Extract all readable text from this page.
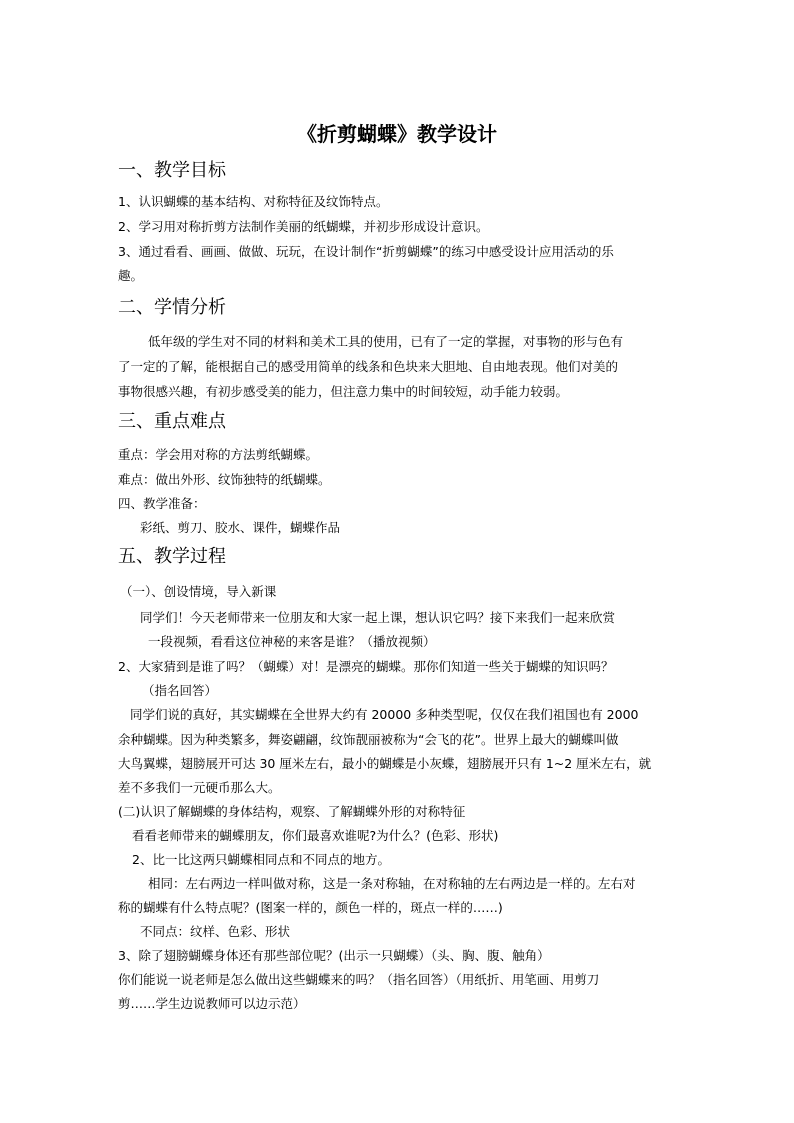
《折剪蝴蝶》教学设计
一、教学目标
1、认识蝴蝶的基本结构、对称特征及纹饰特点。
2、学习用对称折剪方法制作美丽的纸蝴蝶，并初步形成设计意识。
3、通过看看、画画、做做、玩玩，在设计制作“折剪蝴蝶”的练习中感受设计应用活动的乐
趣。
二、学情分析
低年级的学生对不同的材料和美术工具的使用，已有了一定的掌握，对事物的形与色有
了一定的了解，能根据自己的感受用简单的线条和色块来大胆地、自由地表现。他们对美的
事物很感兴趣，有初步感受美的能力，但注意力集中的时间较短，动手能力较弱。
三、重点难点
重点：学会用对称的方法剪纸蝴蝶。
难点：做出外形、纹饰独特的纸蝴蝶。
四、教学准备：
彩纸、剪刀、胶水、课件，蝴蝶作品
五、教学过程
（一）、创设情境，导入新课
同学们！今天老师带来一位朋友和大家一起上课，想认识它吗？接下来我们一起来欣赏
一段视频，看看这位神秘的来客是谁？（播放视频）
2、大家猜到是谁了吗？（蝴蝶）对！是漂亮的蝴蝶。那你们知道一些关于蝴蝶的知识吗？
（指名回答）
同学们说的真好，其实蝴蝶在全世界大约有 20000 多种类型呢，仅仅在我们祖国也有 2000
余种蝴蝶。因为种类繁多，舞姿翩翩，纹饰靓丽被称为“会飞的花”。世界上最大的蝴蝶叫做
大鸟翼蝶，翅膀展开可达 30 厘米左右，最小的蝴蝶是小灰蝶，翅膀展开只有 1~2 厘米左右，就
差不多我们一元硬币那么大。
(二)认识了解蝴蝶的身体结构，观察、了解蝴蝶外形的对称特征
看看老师带来的蝴蝶朋友，你们最喜欢谁呢?为什么？(色彩、形状)
2、比一比这两只蝴蝶相同点和不同点的地方。
相同：左右两边一样叫做对称，这是一条对称轴，在对称轴的左右两边是一样的。左右对
称的蝴蝶有什么特点呢？(图案一样的，颜色一样的，斑点一样的……)
不同点：纹样、色彩、形状
3、除了翅膀蝴蝶身体还有那些部位呢？(出示一只蝴蝶）（头、胸、腹、触角）
你们能说一说老师是怎么做出这些蝴蝶来的吗？（指名回答）（用纸折、用笔画、用剪刀
剪……学生边说教师可以边示范）
